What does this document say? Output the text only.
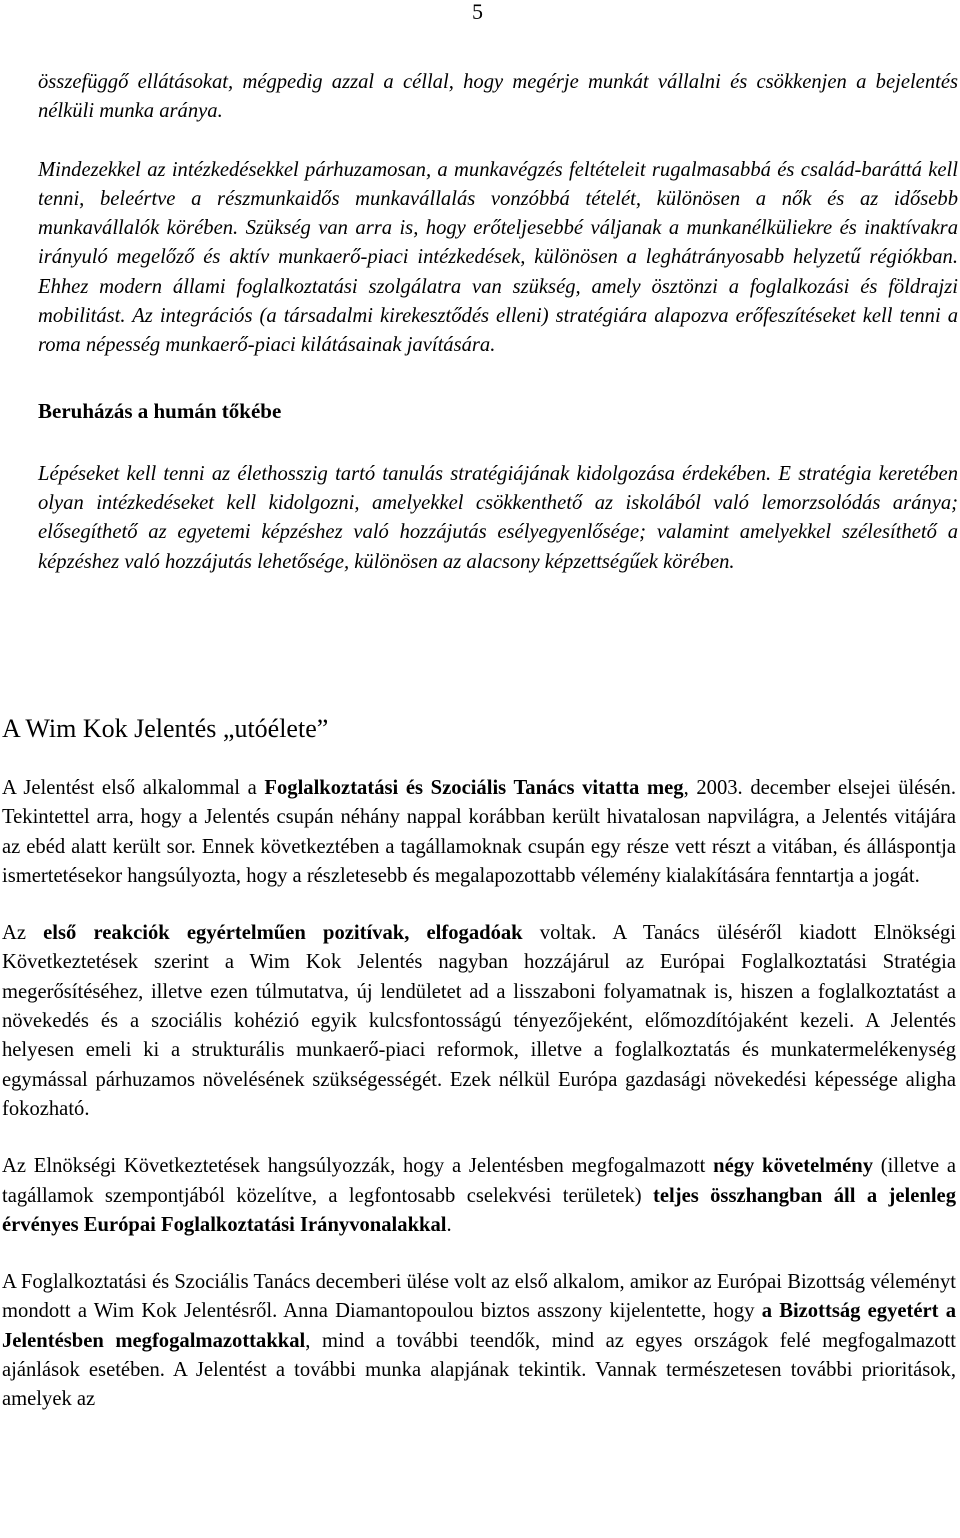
5

összefüggő ellátásokat, mégpedig azzal a céllal, hogy megérje munkát vállalni és csökkenjen a bejelentés nélküli munka aránya.

Mindezekkel az intézkedésekkel párhuzamosan, a munkavégzés feltételeit rugalmasabbá és család-baráttá kell tenni, beleértve a részmunkaidős munkavállalás vonzóbbá tételét, különösen a nők és az idősebb munkavállalók körében. Szükség van arra is, hogy erőteljesebbé váljanak a munkanélküliekre és inaktívakra irányuló megelőző és aktív munkaerő-piaci intézkedések, különösen a leghátrányosabb helyzetű régiókban. Ehhez modern állami foglalkoztatási szolgálatra van szükség, amely ösztönzi a foglalkozási és földrajzi mobilitást. Az integrációs (a társadalmi kirekesztődés elleni) stratégiára alapozva erőfeszítéseket kell tenni a roma népesség munkaerő-piaci kilátásainak javítására.

Beruházás a humán tőkébe

Lépéseket kell tenni az élethosszig tartó tanulás stratégiájának kidolgozása érdekében. E stratégia keretében olyan intézkedéseket kell kidolgozni, amelyekkel csökkenthető az iskolából való lemorzsolódás aránya; elősegíthető az egyetemi képzéshez való hozzájutás esélyegyenlősége; valamint amelyekkel szélesíthető a képzéshez való hozzájutás lehetősége, különösen az alacsony képzettségűek körében.

A Wim Kok Jelentés „utóélete”

A Jelentést első alkalommal a Foglalkoztatási és Szociális Tanács vitatta meg, 2003. december elsejei ülésén. Tekintettel arra, hogy a Jelentés csupán néhány nappal korábban került hivatalosan napvilágra, a Jelentés vitájára az ebéd alatt került sor. Ennek következtében a tagállamoknak csupán egy része vett részt a vitában, és álláspontja ismertetésekor hangsúlyozta, hogy a részletesebb és megalapozottabb vélemény kialakítására fenntartja a jogát.

Az első reakciók egyértelműen pozitívak, elfogadóak voltak. A Tanács üléséről kiadott Elnökségi Következtetések szerint a Wim Kok Jelentés nagyban hozzájárul az Európai Foglalkoztatási Stratégia megerősítéséhez, illetve ezen túlmutatva, új lendületet ad a lisszaboni folyamatnak is, hiszen a foglalkoztatást a növekedés és a szociális kohézió egyik kulcsfontosságú tényezőjeként, előmozdítójaként kezeli. A Jelentés helyesen emeli ki a strukturális munkaerő-piaci reformok, illetve a foglalkoztatás és munkatermelékenység egymással párhuzamos növelésének szükségességét. Ezek nélkül Európa gazdasági növekedési képessége aligha fokozható.

Az Elnökségi Következtetések hangsúlyozzák, hogy a Jelentésben megfogalmazott négy követelmény (illetve a tagállamok szempontjából közelítve, a legfontosabb cselekvési területek) teljes összhangban áll a jelenleg érvényes Európai Foglalkoztatási Irányvonalakkal.

A Foglalkoztatási és Szociális Tanács decemberi ülése volt az első alkalom, amikor az Európai Bizottság véleményt mondott a Wim Kok Jelentésről. Anna Diamantopoulou biztos asszony kijelentette, hogy a Bizottság egyetért a Jelentésben megfogalmazottakkal, mind a további teendők, mind az egyes országok felé megfogalmazott ajánlások esetében. A Jelentést a további munka alapjának tekintik. Vannak természetesen további prioritások, amelyek az
